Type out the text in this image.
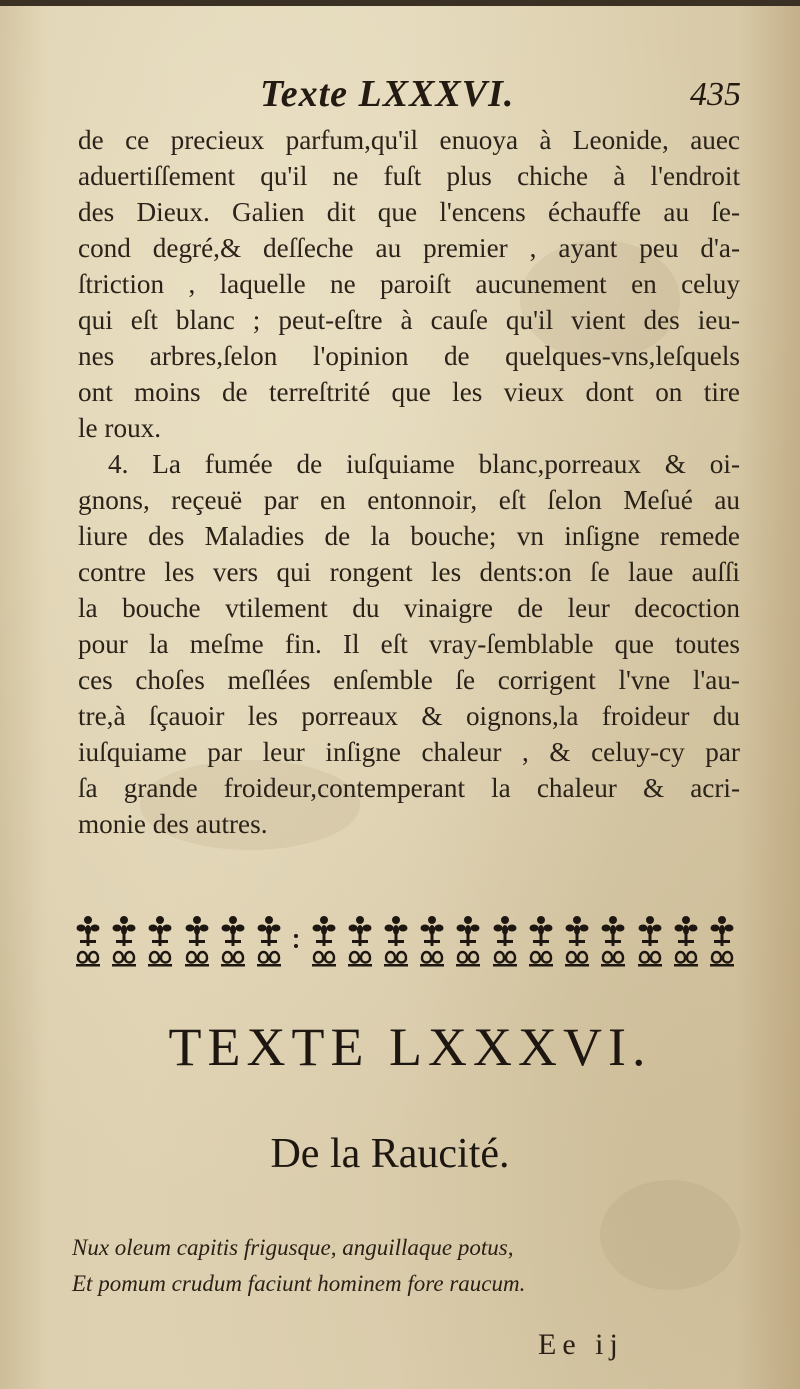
Texte LXXXVI.	435
de ce precieux parfum,qu'il enuoya à Leonide, auec
aduertiſſement qu'il ne fuſt plus chiche à l'endroit
des Dieux. Galien dit que l'encens échauffe au ſe-
cond degré,& deſſeche au premier , ayant peu d'a-
ſtriction , laquelle ne paroiſt aucunement en celuy
qui eſt blanc ; peut-eſtre à cauſe qu'il vient des ieu-
nes arbres,ſelon l'opinion de quelques-vns,leſquels
ont moins de terreſtrité que les vieux dont on tire
le roux.
4. La fumée de iuſquiame blanc,porreaux & oi-
gnons, reçeuë par en entonnoir, eſt ſelon Meſué au
liure des Maladies de la bouche; vn inſigne remede
contre les vers qui rongent les dents:on ſe laue auſſi
la bouche vtilement du vinaigre de leur decoction
pour la meſme fin. Il eſt vray-ſemblable que toutes
ces choſes meſlées enſemble ſe corrigent l'vne l'au-
tre,à ſçauoir les porreaux & oignons,la froideur du
iuſquiame par leur inſigne chaleur , & celuy-cy par
ſa grande froideur,contemperant la chaleur & acri-
monie des autres.
TEXTE LXXXVI.
De la Raucité.
Nux oleum capitis frigusque, anguillaque potus,
Et pomum crudum faciunt hominem fore raucum.
Ee ij
